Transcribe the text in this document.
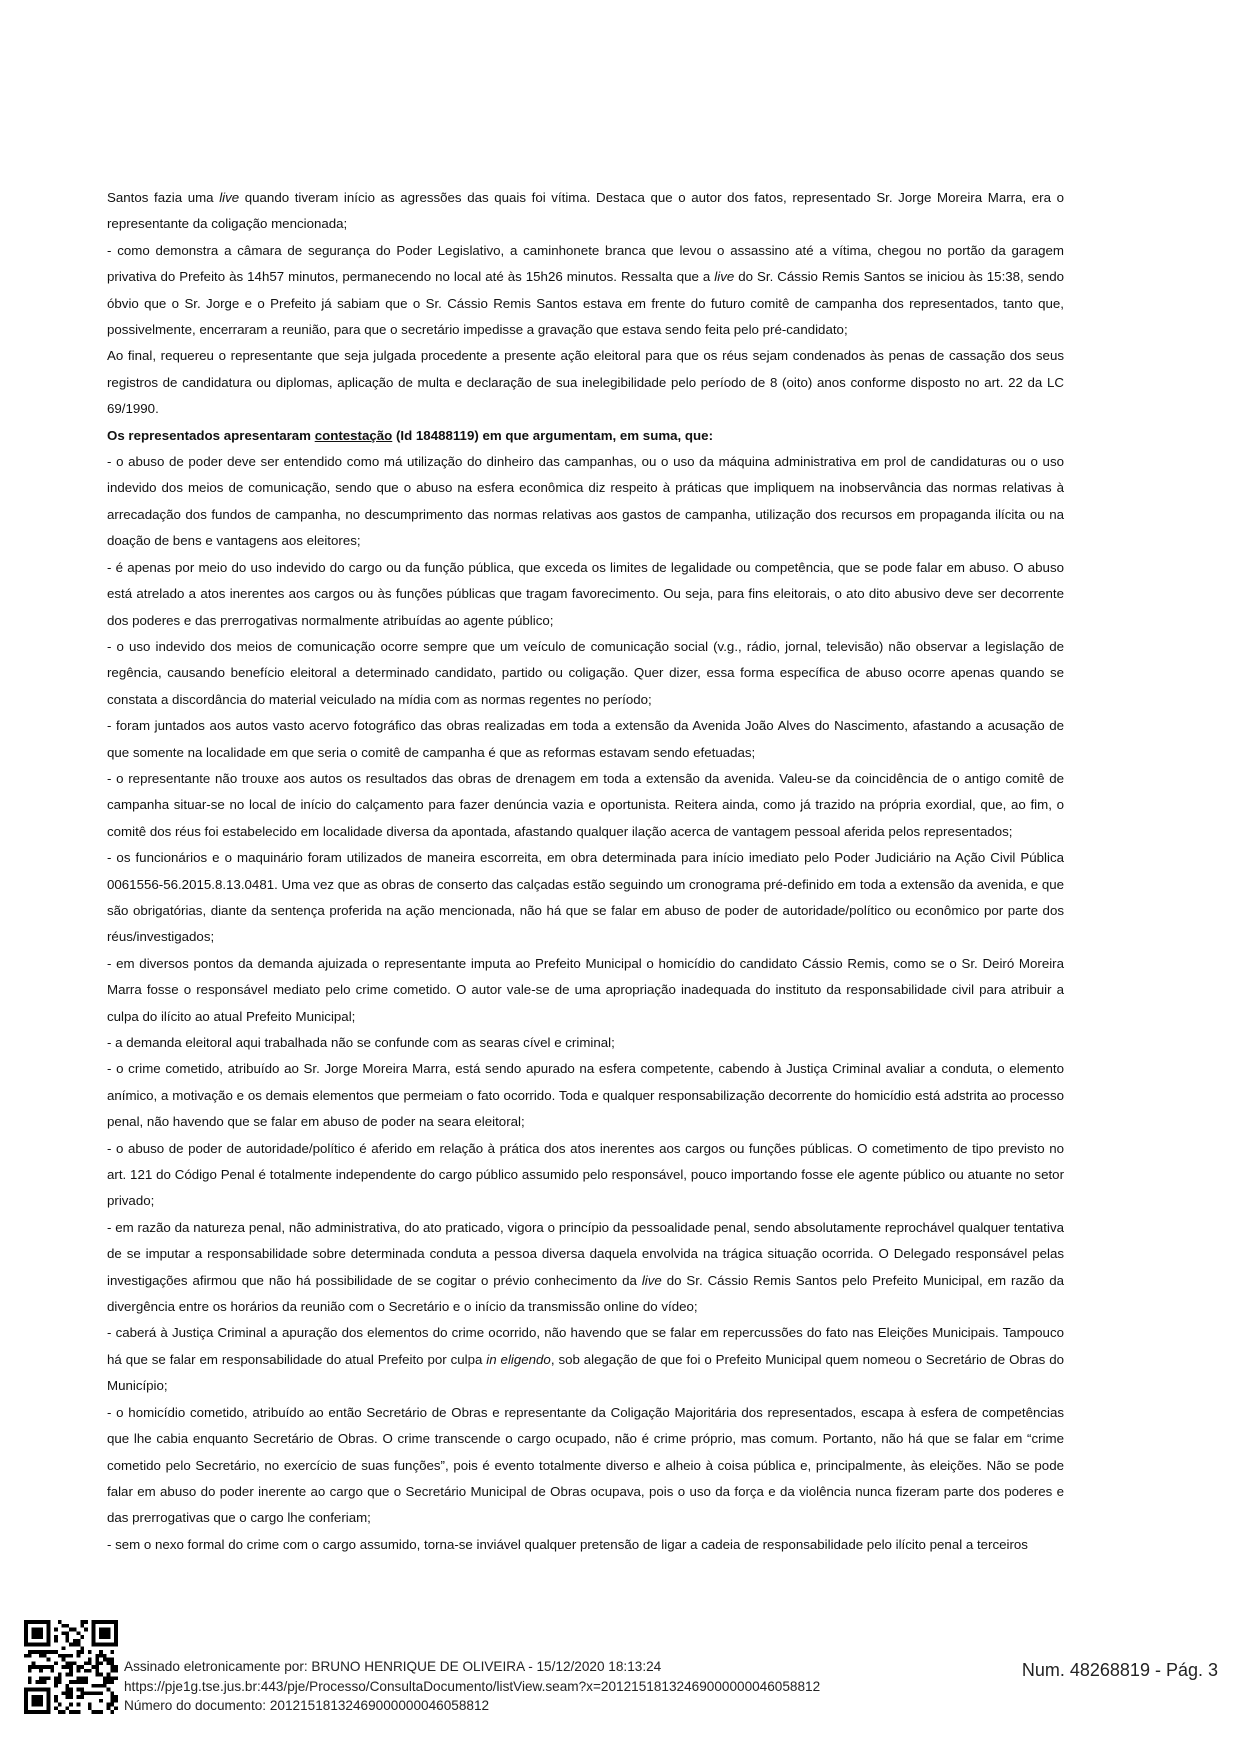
Santos fazia uma live quando tiveram início as agressões das quais foi vítima. Destaca que o autor dos fatos, representado Sr. Jorge Moreira Marra, era o representante da coligação mencionada;

- como demonstra a câmara de segurança do Poder Legislativo, a caminhonete branca que levou o assassino até a vítima, chegou no portão da garagem privativa do Prefeito às 14h57 minutos, permanecendo no local até às 15h26 minutos. Ressalta que a live do Sr. Cássio Remis Santos se iniciou às 15:38, sendo óbvio que o Sr. Jorge e o Prefeito já sabiam que o Sr. Cássio Remis Santos estava em frente do futuro comitê de campanha dos representados, tanto que, possivelmente, encerraram a reunião, para que o secretário impedisse a gravação que estava sendo feita pelo pré-candidato;

Ao final, requereu o representante que seja julgada procedente a presente ação eleitoral para que os réus sejam condenados às penas de cassação dos seus registros de candidatura ou diplomas, aplicação de multa e declaração de sua inelegibilidade pelo período de 8 (oito) anos conforme disposto no art. 22 da LC 69/1990.

Os representados apresentaram contestação (Id 18488119) em que argumentam, em suma, que:

- o abuso de poder deve ser entendido como má utilização do dinheiro das campanhas, ou o uso da máquina administrativa em prol de candidaturas ou o uso indevido dos meios de comunicação, sendo que o abuso na esfera econômica diz respeito à práticas que impliquem na inobservância das normas relativas à arrecadação dos fundos de campanha, no descumprimento das normas relativas aos gastos de campanha, utilização dos recursos em propaganda ilícita ou na doação de bens e vantagens aos eleitores;

- é apenas por meio do uso indevido do cargo ou da função pública, que exceda os limites de legalidade ou competência, que se pode falar em abuso. O abuso está atrelado a atos inerentes aos cargos ou às funções públicas que tragam favorecimento. Ou seja, para fins eleitorais, o ato dito abusivo deve ser decorrente dos poderes e das prerrogativas normalmente atribuídas ao agente público;

- o uso indevido dos meios de comunicação ocorre sempre que um veículo de comunicação social (v.g., rádio, jornal, televisão) não observar a legislação de regência, causando benefício eleitoral a determinado candidato, partido ou coligação. Quer dizer, essa forma específica de abuso ocorre apenas quando se constata a discordância do material veiculado na mídia com as normas regentes no período;

- foram juntados aos autos vasto acervo fotográfico das obras realizadas em toda a extensão da Avenida João Alves do Nascimento, afastando a acusação de que somente na localidade em que seria o comitê de campanha é que as reformas estavam sendo efetuadas;

- o representante não trouxe aos autos os resultados das obras de drenagem em toda a extensão da avenida. Valeu-se da coincidência de o antigo comitê de campanha situar-se no local de início do calçamento para fazer denúncia vazia e oportunista. Reitera ainda, como já trazido na própria exordial, que, ao fim, o comitê dos réus foi estabelecido em localidade diversa da apontada, afastando qualquer ilação acerca de vantagem pessoal aferida pelos representados;

- os funcionários e o maquinário foram utilizados de maneira escorreita, em obra determinada para início imediato pelo Poder Judiciário na Ação Civil Pública 0061556-56.2015.8.13.0481. Uma vez que as obras de conserto das calçadas estão seguindo um cronograma pré-definido em toda a extensão da avenida, e que são obrigatórias, diante da sentença proferida na ação mencionada, não há que se falar em abuso de poder de autoridade/político ou econômico por parte dos réus/investigados;

- em diversos pontos da demanda ajuizada o representante imputa ao Prefeito Municipal o homicídio do candidato Cássio Remis, como se o Sr. Deiró Moreira Marra fosse o responsável mediato pelo crime cometido. O autor vale-se de uma apropriação inadequada do instituto da responsabilidade civil para atribuir a culpa do ilícito ao atual Prefeito Municipal;

- a demanda eleitoral aqui trabalhada não se confunde com as searas cível e criminal;

- o crime cometido, atribuído ao Sr. Jorge Moreira Marra, está sendo apurado na esfera competente, cabendo à Justiça Criminal avaliar a conduta, o elemento anímico, a motivação e os demais elementos que permeiam o fato ocorrido. Toda e qualquer responsabilização decorrente do homicídio está adstrita ao processo penal, não havendo que se falar em abuso de poder na seara eleitoral;

- o abuso de poder de autoridade/político é aferido em relação à prática dos atos inerentes aos cargos ou funções públicas. O cometimento de tipo previsto no art. 121 do Código Penal é totalmente independente do cargo público assumido pelo responsável, pouco importando fosse ele agente público ou atuante no setor privado;

- em razão da natureza penal, não administrativa, do ato praticado, vigora o princípio da pessoalidade penal, sendo absolutamente reprochável qualquer tentativa de se imputar a responsabilidade sobre determinada conduta a pessoa diversa daquela envolvida na trágica situação ocorrida. O Delegado responsável pelas investigações afirmou que não há possibilidade de se cogitar o prévio conhecimento da live do Sr. Cássio Remis Santos pelo Prefeito Municipal, em razão da divergência entre os horários da reunião com o Secretário e o início da transmissão online do vídeo;

- caberá à Justiça Criminal a apuração dos elementos do crime ocorrido, não havendo que se falar em repercussões do fato nas Eleições Municipais. Tampouco há que se falar em responsabilidade do atual Prefeito por culpa in eligendo, sob alegação de que foi o Prefeito Municipal quem nomeou o Secretário de Obras do Município;

- o homicídio cometido, atribuído ao então Secretário de Obras e representante da Coligação Majoritária dos representados, escapa à esfera de competências que lhe cabia enquanto Secretário de Obras. O crime transcende o cargo ocupado, não é crime próprio, mas comum. Portanto, não há que se falar em “crime cometido pelo Secretário, no exercício de suas funções”, pois é evento totalmente diverso e alheio à coisa pública e, principalmente, às eleições. Não se pode falar em abuso do poder inerente ao cargo que o Secretário Municipal de Obras ocupava, pois o uso da força e da violência nunca fizeram parte dos poderes e das prerrogativas que o cargo lhe conferiam;

- sem o nexo formal do crime com o cargo assumido, torna-se inviável qualquer pretensão de ligar a cadeia de responsabilidade pelo ilícito penal a terceiros

Assinado eletronicamente por: BRUNO HENRIQUE DE OLIVEIRA - 15/12/2020 18:13:24
https://pje1g.tse.jus.br:443/pje/Processo/ConsultaDocumento/listView.seam?x=20121518132469000000046058812
Número do documento: 20121518132469000000046058812
Num. 48268819 - Pág. 3
